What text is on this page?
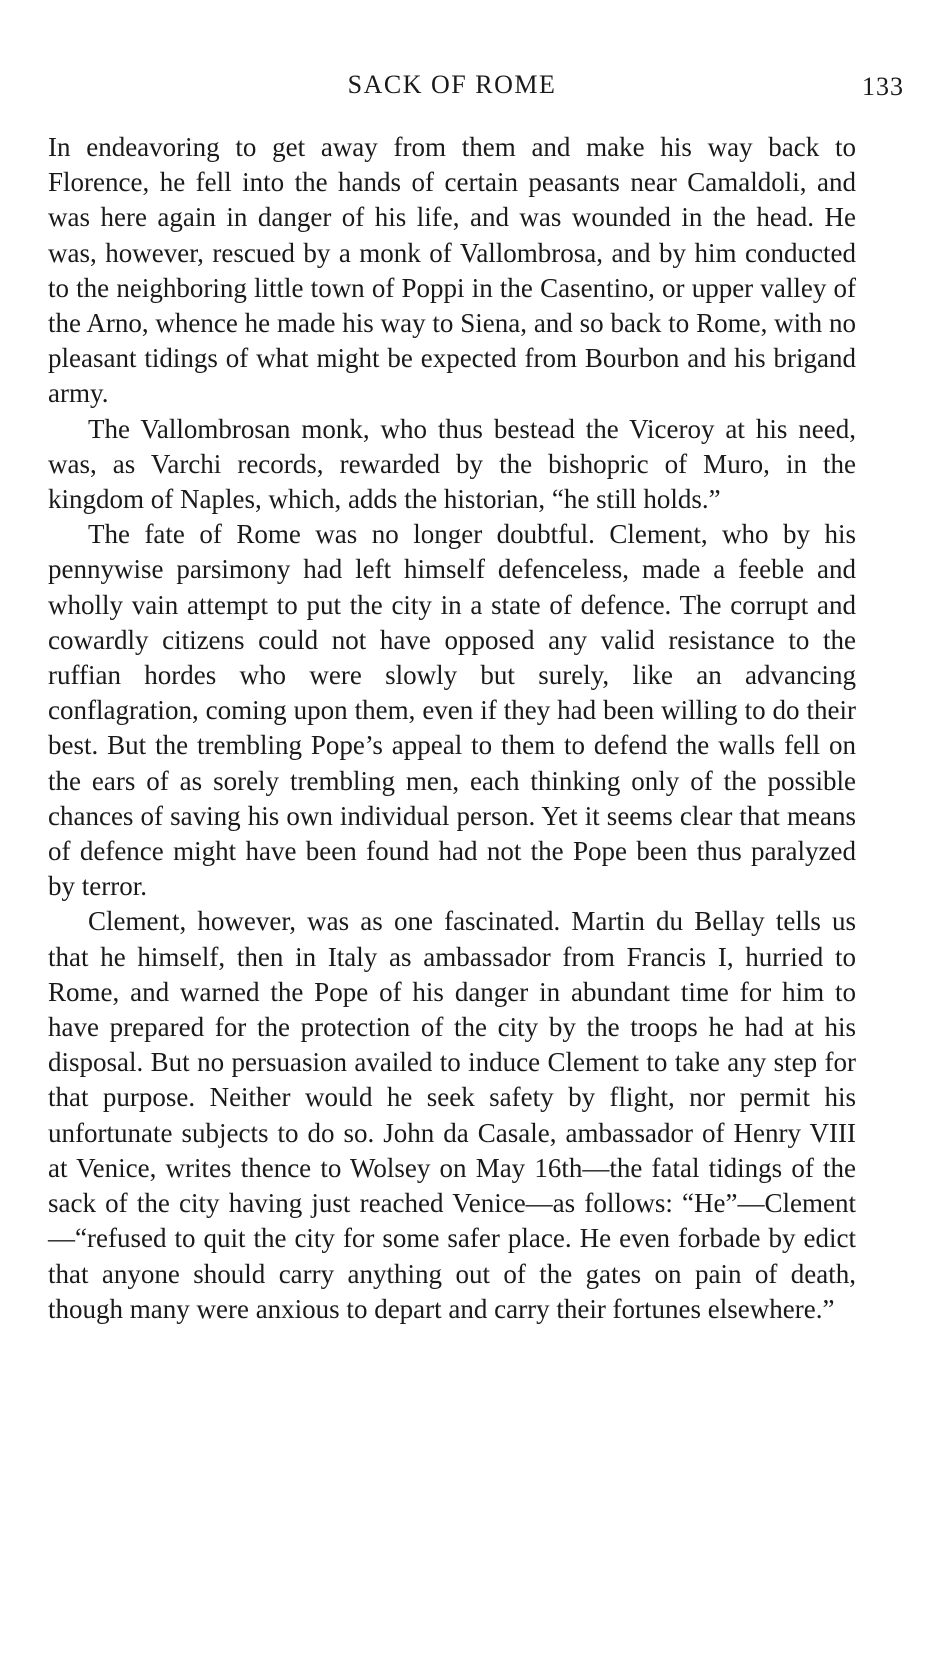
SACK OF ROME	133

In endeavoring to get away from them and make his way back to Florence, he fell into the hands of certain peasants near Camaldoli, and was here again in danger of his life, and was wounded in the head. He was, however, rescued by a monk of Vallombrosa, and by him conducted to the neighboring little town of Poppi in the Casentino, or upper valley of the Arno, whence he made his way to Siena, and so back to Rome, with no pleasant tidings of what might be expected from Bourbon and his brigand army.

The Vallombrosan monk, who thus bestead the Viceroy at his need, was, as Varchi records, rewarded by the bishopric of Muro, in the kingdom of Naples, which, adds the historian, “he still holds.”

The fate of Rome was no longer doubtful. Clement, who by his pennywise parsimony had left himself defenceless, made a feeble and wholly vain attempt to put the city in a state of defence. The corrupt and cowardly citizens could not have opposed any valid resistance to the ruffian hordes who were slowly but surely, like an advancing conflagration, coming upon them, even if they had been willing to do their best. But the trembling Pope’s appeal to them to defend the walls fell on the ears of as sorely trembling men, each thinking only of the possible chances of saving his own individual person. Yet it seems clear that means of defence might have been found had not the Pope been thus paralyzed by terror.

Clement, however, was as one fascinated. Martin du Bellay tells us that he himself, then in Italy as ambassador from Francis I, hurried to Rome, and warned the Pope of his danger in abundant time for him to have prepared for the protection of the city by the troops he had at his disposal. But no persuasion availed to induce Clement to take any step for that purpose. Neither would he seek safety by flight, nor permit his unfortunate subjects to do so. John da Casale, ambassador of Henry VIII at Venice, writes thence to Wolsey on May 16th—the fatal tidings of the sack of the city having just reached Venice—as follows: “He”—Clement—“refused to quit the city for some safer place. He even forbade by edict that anyone should carry anything out of the gates on pain of death, though many were anxious to depart and carry their fortunes elsewhere.”
